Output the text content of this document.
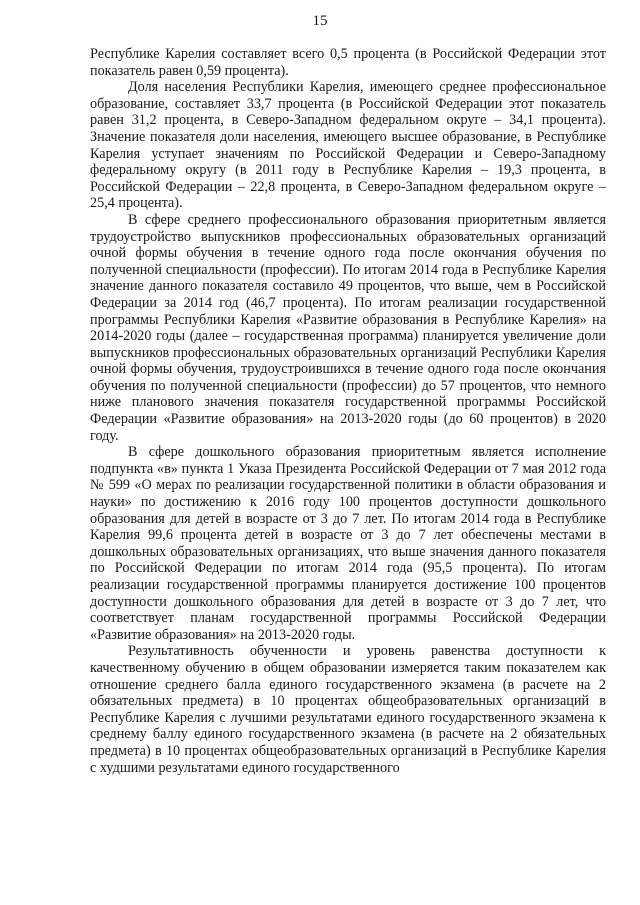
15

Республике Карелия составляет всего 0,5 процента (в Российской Федерации этот показатель равен 0,59 процента).

Доля населения Республики Карелия, имеющего среднее профессиональное образование, составляет 33,7 процента (в Российской Федерации этот показатель равен 31,2 процента, в Северо-Западном федеральном округе – 34,1 процента). Значение показателя доли населения, имеющего высшее образование, в Республике Карелия уступает значениям по Российской Федерации и Северо-Западному федеральному округу (в 2011 году в Республике Карелия – 19,3 процента, в Российской Федерации – 22,8 процента, в Северо-Западном федеральном округе – 25,4 процента).

В сфере среднего профессионального образования приоритетным является трудоустройство выпускников профессиональных образовательных организаций очной формы обучения в течение одного года после окончания обучения по полученной специальности (профессии). По итогам 2014 года в Республике Карелия значение данного показателя составило 49 процентов, что выше, чем в Российской Федерации за 2014 год (46,7 процента). По итогам реализации государственной программы Республики Карелия «Развитие образования в Республике Карелия» на 2014-2020 годы (далее – государственная программа) планируется увеличение доли выпускников профессиональных образовательных организаций Республики Карелия очной формы обучения, трудоустроившихся в течение одного года после окончания обучения по полученной специальности (профессии) до 57 процентов, что немного ниже планового значения показателя государственной программы Российской Федерации «Развитие образования» на 2013-2020 годы (до 60 процентов) в 2020 году.

В сфере дошкольного образования приоритетным является исполнение подпункта «в» пункта 1 Указа Президента Российской Федерации от 7 мая 2012 года № 599 «О мерах по реализации государственной политики в области образования и науки» по достижению к 2016 году 100 процентов доступности дошкольного образования для детей в возрасте от 3 до 7 лет. По итогам 2014 года в Республике Карелия 99,6 процента детей в возрасте от 3 до 7 лет обеспечены местами в дошкольных образовательных организациях, что выше значения данного показателя по Российской Федерации по итогам 2014 года (95,5 процента). По итогам реализации государственной программы планируется достижение 100 процентов доступности дошкольного образования для детей в возрасте от 3 до 7 лет, что соответствует планам государственной программы Российской Федерации «Развитие образования» на 2013-2020 годы.

Результативность обученности и уровень равенства доступности к качественному обучению в общем образовании измеряется таким показателем как отношение среднего балла единого государственного экзамена (в расчете на 2 обязательных предмета) в 10 процентах общеобразовательных организаций в Республике Карелия с лучшими результатами единого государственного экзамена к среднему баллу единого государственного экзамена (в расчете на 2 обязательных предмета) в 10 процентах общеобразовательных организаций в Республике Карелия с худшими результатами единого государственного
